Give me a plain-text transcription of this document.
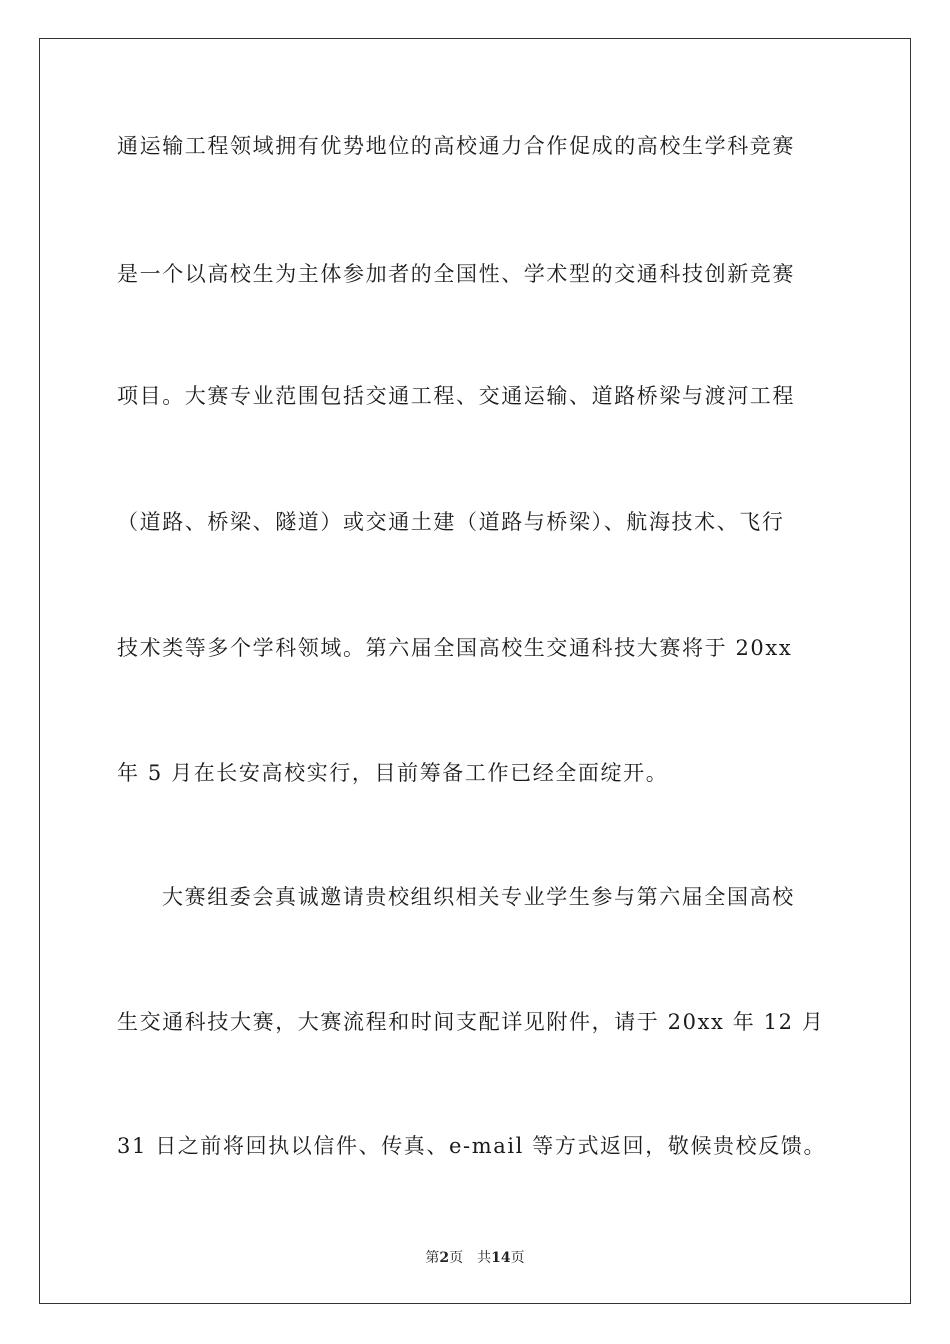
通运输工程领域拥有优势地位的高校通力合作促成的高校生学科竞赛
是一个以高校生为主体参加者的全国性、学术型的交通科技创新竞赛
项目。大赛专业范围包括交通工程、交通运输、道路桥梁与渡河工程
（道路、桥梁、隧道）或交通土建（道路与桥梁）、航海技术、飞行
技术类等多个学科领域。第六届全国高校生交通科技大赛将于 20xx
年 5 月在长安高校实行，目前筹备工作已经全面绽开。
大赛组委会真诚邀请贵校组织相关专业学生参与第六届全国高校
生交通科技大赛，大赛流程和时间支配详见附件，请于 20xx 年 12 月
31 日之前将回执以信件、传真、e-mail 等方式返回，敬候贵校反馈。
第2页 共14页
